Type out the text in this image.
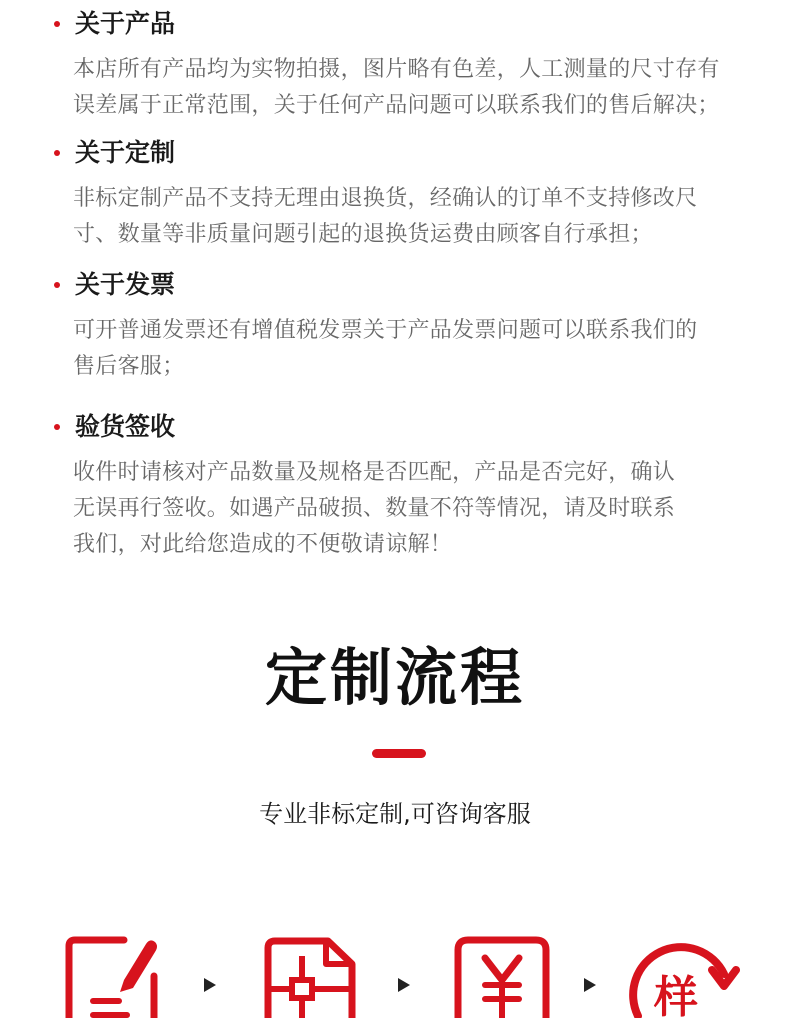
关于产品
本店所有产品均为实物拍摄，图片略有色差，人工测量的尺寸存有
误差属于正常范围，关于任何产品问题可以联系我们的售后解决；
关于定制
非标定制产品不支持无理由退换货，经确认的订单不支持修改尺
寸、数量等非质量问题引起的退换货运费由顾客自行承担；
关于发票
可开普通发票还有增值税发票关于产品发票问题可以联系我们的
售后客服；
验货签收
收件时请核对产品数量及规格是否匹配，产品是否完好，确认
无误再行签收。如遇产品破损、数量不符等情况，请及时联系
我们，对此给您造成的不便敬请谅解！
定制流程
专业非标定制,可咨询客服
样
